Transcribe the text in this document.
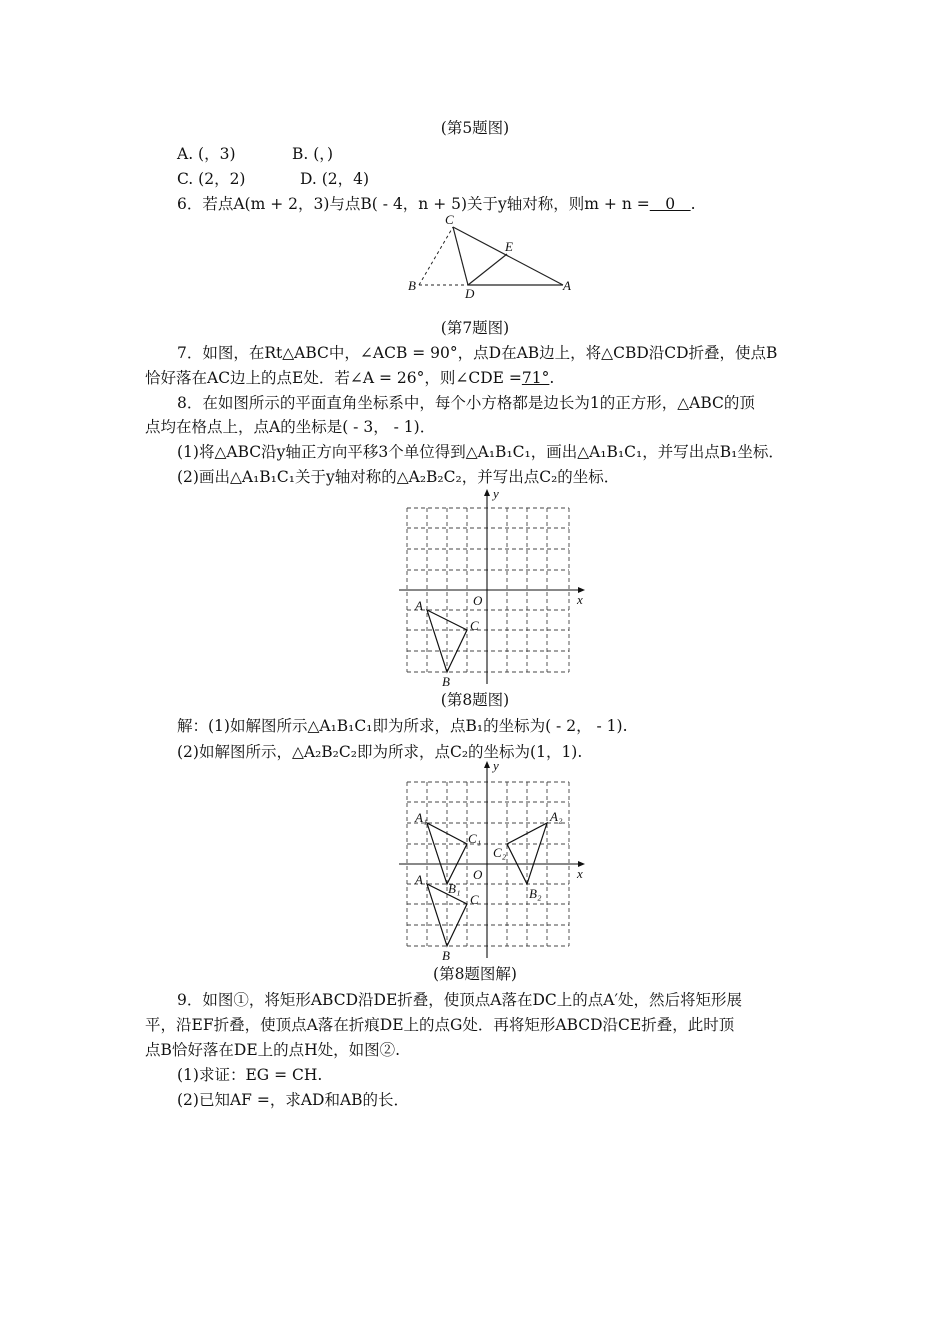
(第5题图)
A. (，3)	B. (，)
C. (2，2)	D. (2，4)
6．若点A(m + 2，3)与点B( - 4，n + 5)关于y轴对称，则m + n =　0　.
C
E
B
D
A
(第7题图)
7．如图，在Rt△ABC中，∠ACB = 90°，点D在AB边上，将△CBD沿CD折叠，使点B
恰好落在AC边上的点E处．若∠A = 26°，则∠CDE =71°.
8．在如图所示的平面直角坐标系中，每个小方格都是边长为1的正方形，△ABC的顶
点均在格点上，点A的坐标是( - 3， - 1)．
(1)将△ABC沿y轴正方向平移3个单位得到△A₁B₁C₁，画出△A₁B₁C₁，并写出点B₁坐标．
(2)画出△A₁B₁C₁关于y轴对称的△A₂B₂C₂，并写出点C₂的坐标．
x
y
O
A
B
C
(第8题图)
解：(1)如解图所示△A₁B₁C₁即为所求，点B₁的坐标为( - 2， - 1).
(2)如解图所示，△A₂B₂C₂即为所求，点C₂的坐标为(1，1).
x
y
O
A
B
C
A₁
B₁
C₁
A₂
B₂
C₂
(第8题图解)
9．如图①，将矩形ABCD沿DE折叠，使顶点A落在DC上的点A′处，然后将矩形展
平，沿EF折叠，使顶点A落在折痕DE上的点G处．再将矩形ABCD沿CE折叠，此时顶
点B恰好落在DE上的点H处，如图②.
(1)求证：EG = CH.
(2)已知AF =，求AD和AB的长．
